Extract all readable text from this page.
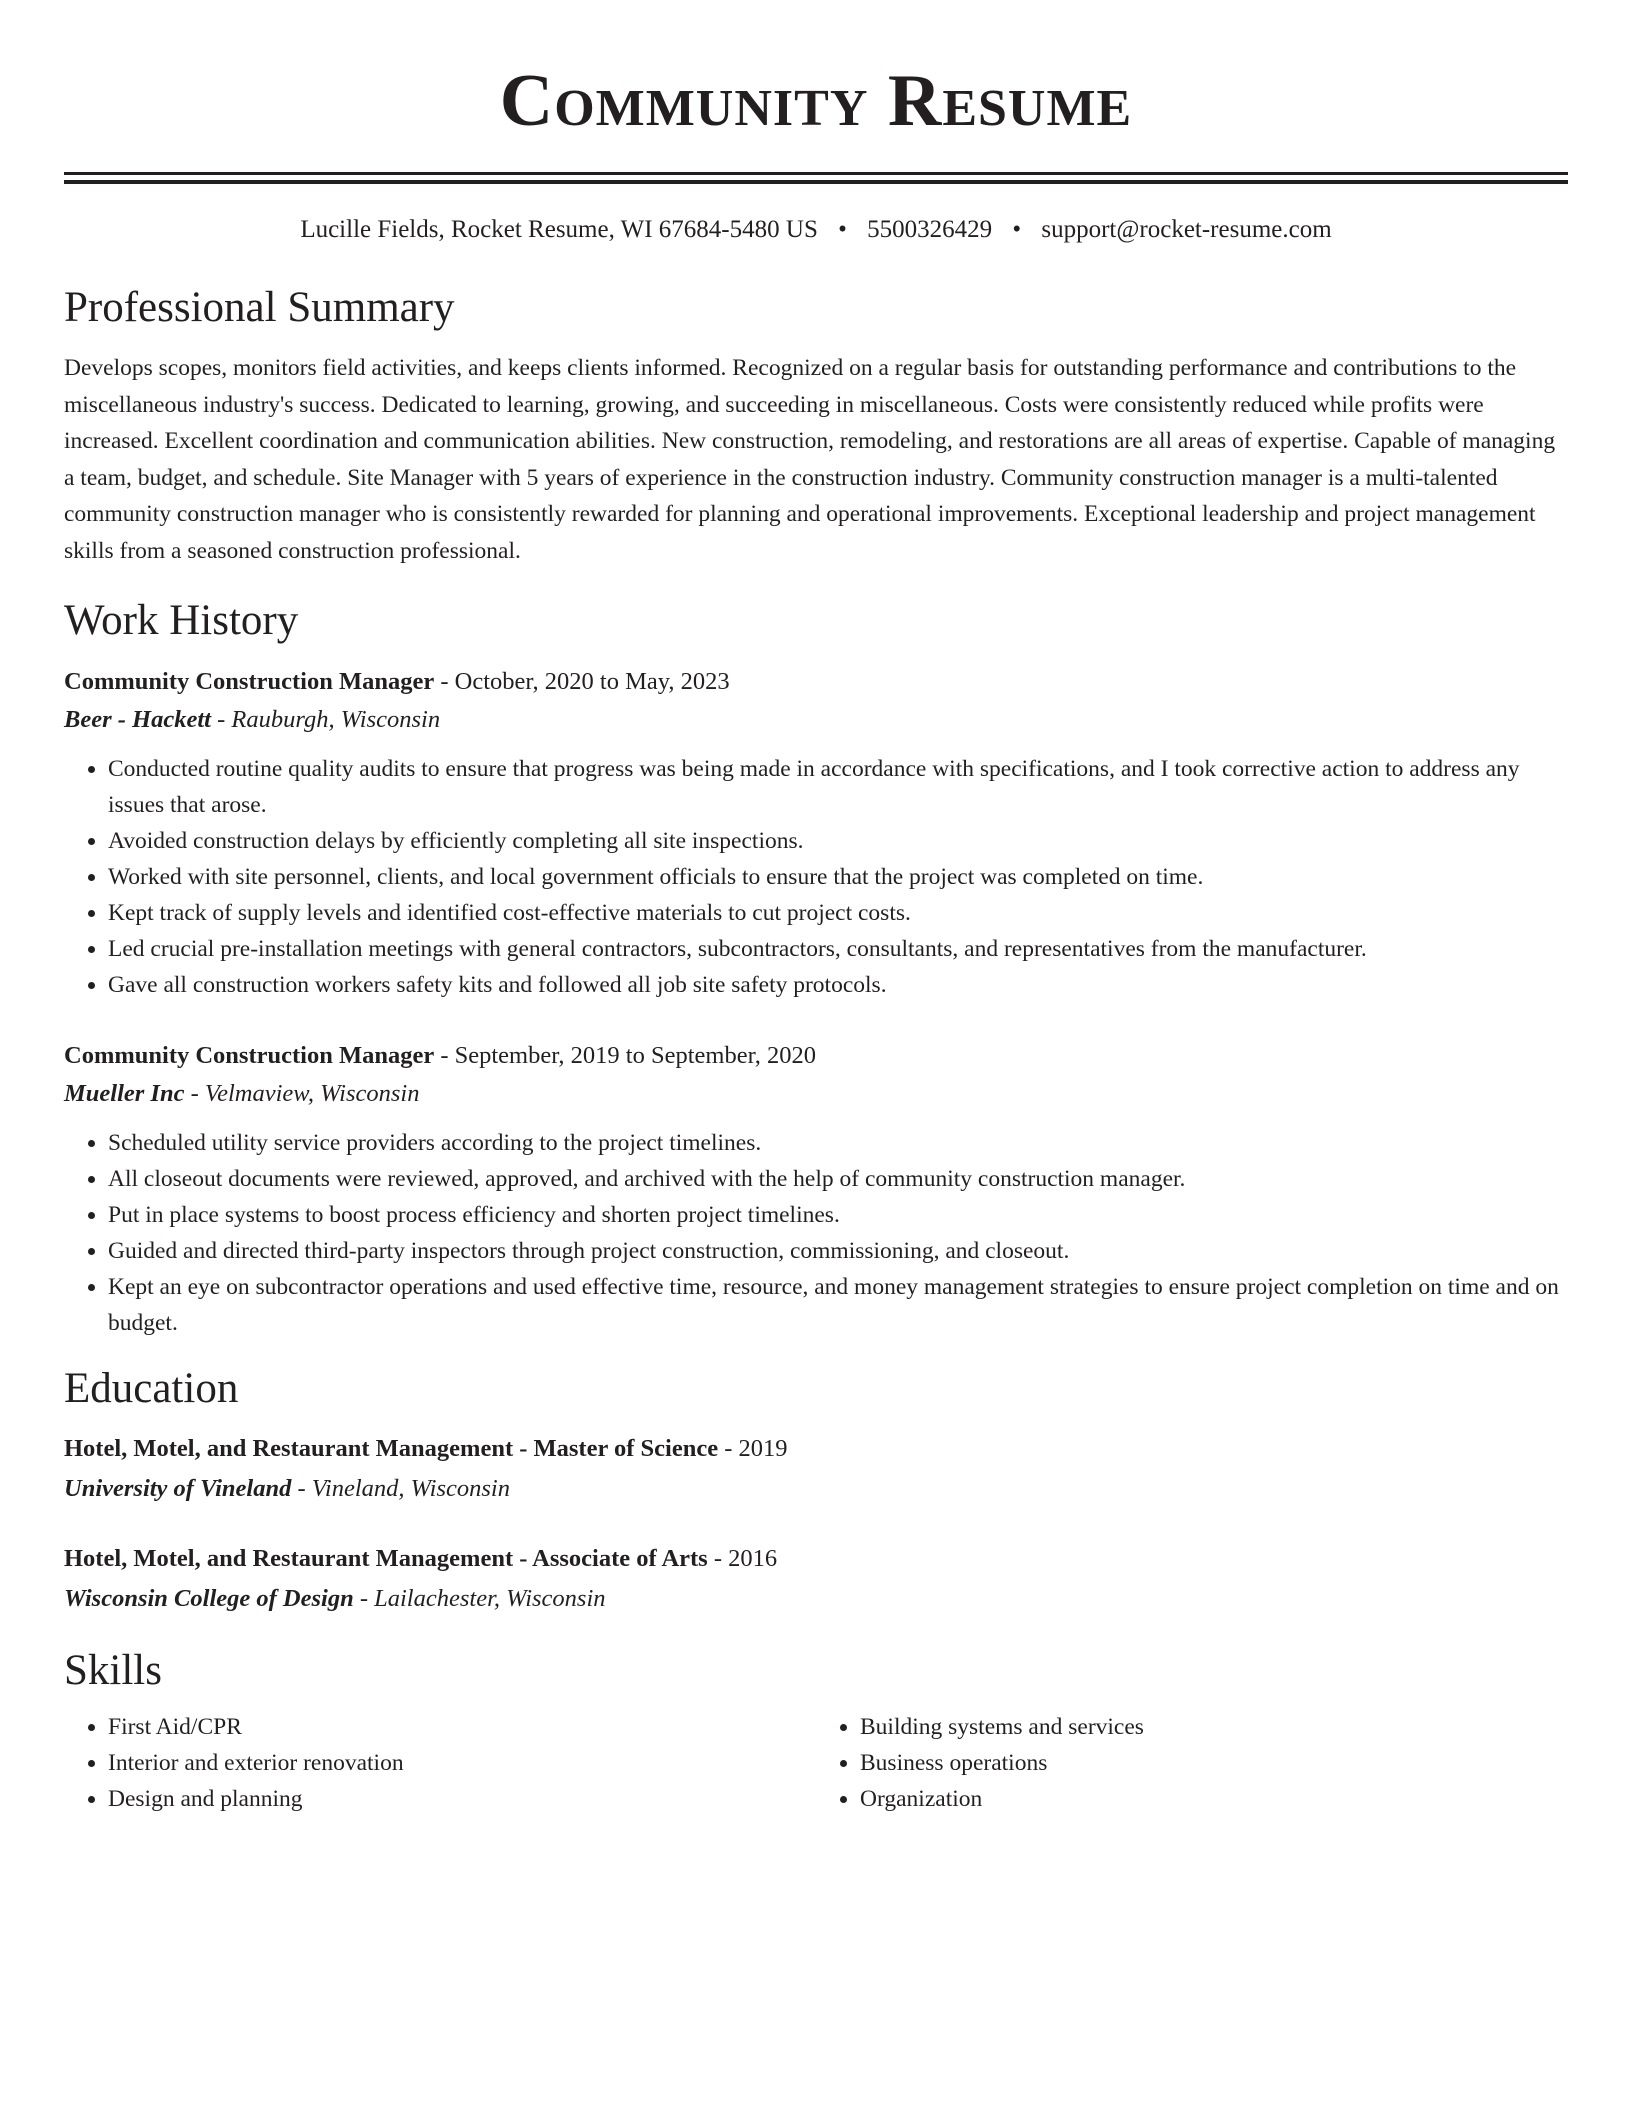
Community Resume
Lucille Fields, Rocket Resume, WI 67684-5480 US • 5500326429 • support@rocket-resume.com
Professional Summary
Develops scopes, monitors field activities, and keeps clients informed. Recognized on a regular basis for outstanding performance and contributions to the miscellaneous industry's success. Dedicated to learning, growing, and succeeding in miscellaneous. Costs were consistently reduced while profits were increased. Excellent coordination and communication abilities. New construction, remodeling, and restorations are all areas of expertise. Capable of managing a team, budget, and schedule. Site Manager with 5 years of experience in the construction industry. Community construction manager is a multi-talented community construction manager who is consistently rewarded for planning and operational improvements. Exceptional leadership and project management skills from a seasoned construction professional.
Work History
Community Construction Manager - October, 2020 to May, 2023
Beer - Hackett - Rauburgh, Wisconsin
• Conducted routine quality audits to ensure that progress was being made in accordance with specifications, and I took corrective action to address any issues that arose.
• Avoided construction delays by efficiently completing all site inspections.
• Worked with site personnel, clients, and local government officials to ensure that the project was completed on time.
• Kept track of supply levels and identified cost-effective materials to cut project costs.
• Led crucial pre-installation meetings with general contractors, subcontractors, consultants, and representatives from the manufacturer.
• Gave all construction workers safety kits and followed all job site safety protocols.
Community Construction Manager - September, 2019 to September, 2020
Mueller Inc - Velmaview, Wisconsin
• Scheduled utility service providers according to the project timelines.
• All closeout documents were reviewed, approved, and archived with the help of community construction manager.
• Put in place systems to boost process efficiency and shorten project timelines.
• Guided and directed third-party inspectors through project construction, commissioning, and closeout.
• Kept an eye on subcontractor operations and used effective time, resource, and money management strategies to ensure project completion on time and on budget.
Education
Hotel, Motel, and Restaurant Management - Master of Science - 2019
University of Vineland - Vineland, Wisconsin
Hotel, Motel, and Restaurant Management - Associate of Arts - 2016
Wisconsin College of Design - Lailachester, Wisconsin
Skills
• First Aid/CPR
• Interior and exterior renovation
• Design and planning
• Building systems and services
• Business operations
• Organization
